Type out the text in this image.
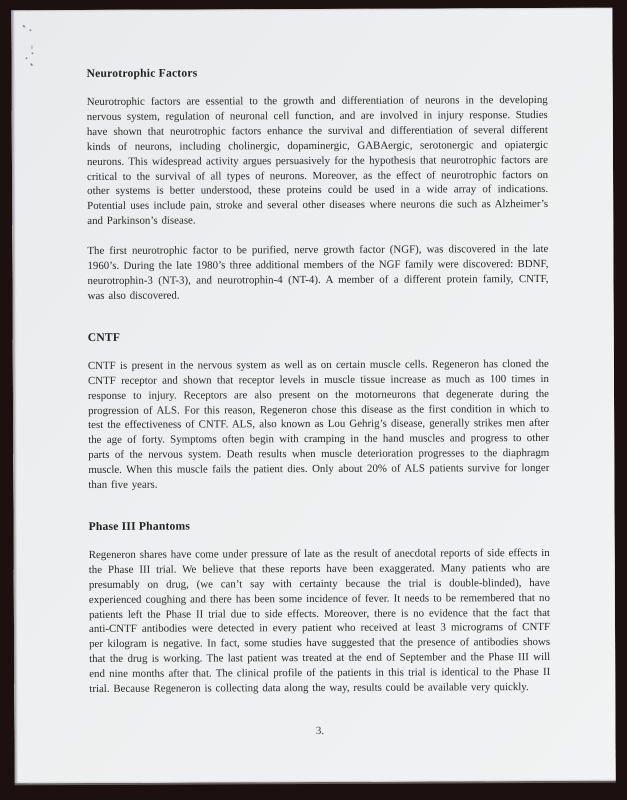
Neurotrophic Factors

Neurotrophic factors are essential to the growth and differentiation of neurons in the developing nervous system, regulation of neuronal cell function, and are involved in injury response. Studies have shown that neurotrophic factors enhance the survival and differentiation of several different kinds of neurons, including cholinergic, dopaminergic, GABAergic, serotonergic and opiatergic neurons. This widespread activity argues persuasively for the hypothesis that neurotrophic factors are critical to the survival of all types of neurons. Moreover, as the effect of neurotrophic factors on other systems is better understood, these proteins could be used in a wide array of indications. Potential uses include pain, stroke and several other diseases where neurons die such as Alzheimer’s and Parkinson’s disease.

The first neurotrophic factor to be purified, nerve growth factor (NGF), was discovered in the late 1960’s. During the late 1980’s three additional members of the NGF family were discovered: BDNF, neurotrophin-3 (NT-3), and neurotrophin-4 (NT-4). A member of a different protein family, CNTF, was also discovered.

CNTF

CNTF is present in the nervous system as well as on certain muscle cells. Regeneron has cloned the CNTF receptor and shown that receptor levels in muscle tissue increase as much as 100 times in response to injury. Receptors are also present on the motorneurons that degenerate during the progression of ALS. For this reason, Regeneron chose this disease as the first condition in which to test the effectiveness of CNTF. ALS, also known as Lou Gehrig’s disease, generally strikes men after the age of forty. Symptoms often begin with cramping in the hand muscles and progress to other parts of the nervous system. Death results when muscle deterioration progresses to the diaphragm muscle. When this muscle fails the patient dies. Only about 20% of ALS patients survive for longer than five years.

Phase III Phantoms

Regeneron shares have come under pressure of late as the result of anecdotal reports of side effects in the Phase III trial. We believe that these reports have been exaggerated. Many patients who are presumably on drug, (we can’t say with certainty because the trial is double-blinded), have experienced coughing and there has been some incidence of fever. It needs to be remembered that no patients left the Phase II trial due to side effects. Moreover, there is no evidence that the fact that anti-CNTF antibodies were detected in every patient who received at least 3 micrograms of CNTF per kilogram is negative. In fact, some studies have suggested that the presence of antibodies shows that the drug is working. The last patient was treated at the end of September and the Phase III will end nine months after that. The clinical profile of the patients in this trial is identical to the Phase II trial. Because Regeneron is collecting data along the way, results could be available very quickly.

3.
